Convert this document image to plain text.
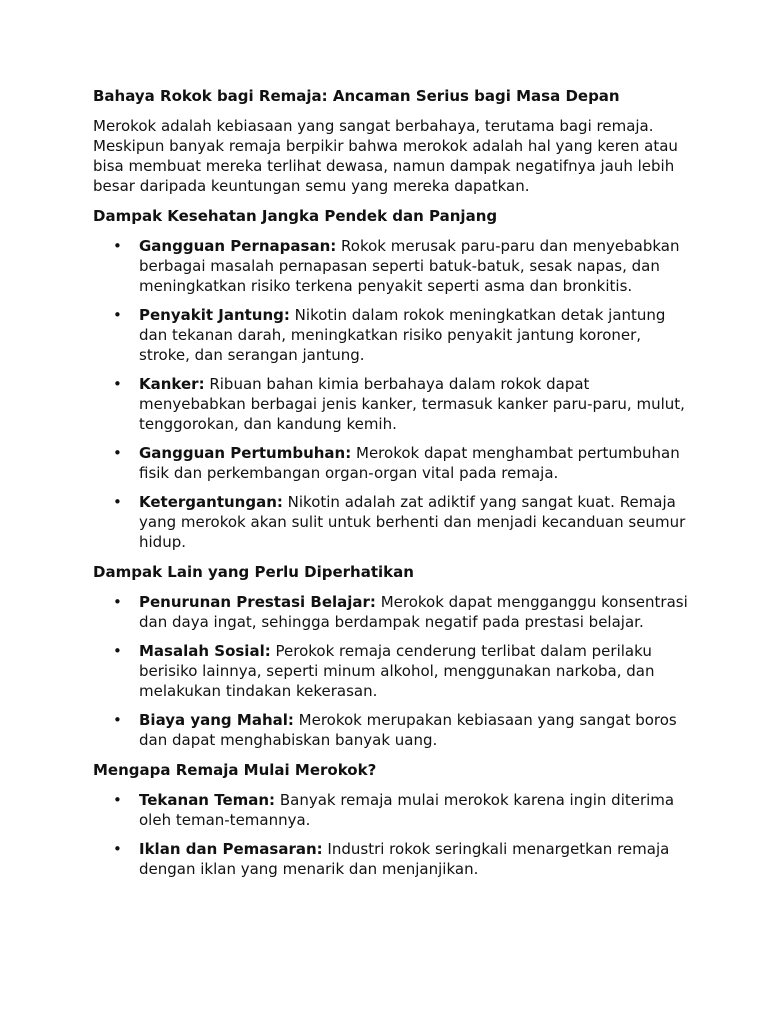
Bahaya Rokok bagi Remaja: Ancaman Serius bagi Masa Depan
Merokok adalah kebiasaan yang sangat berbahaya, terutama bagi remaja. Meskipun banyak remaja berpikir bahwa merokok adalah hal yang keren atau bisa membuat mereka terlihat dewasa, namun dampak negatifnya jauh lebih besar daripada keuntungan semu yang mereka dapatkan.
Dampak Kesehatan Jangka Pendek dan Panjang
• Gangguan Pernapasan: Rokok merusak paru-paru dan menyebabkan berbagai masalah pernapasan seperti batuk-batuk, sesak napas, dan meningkatkan risiko terkena penyakit seperti asma dan bronkitis.
• Penyakit Jantung: Nikotin dalam rokok meningkatkan detak jantung dan tekanan darah, meningkatkan risiko penyakit jantung koroner, stroke, dan serangan jantung.
• Kanker: Ribuan bahan kimia berbahaya dalam rokok dapat menyebabkan berbagai jenis kanker, termasuk kanker paru-paru, mulut, tenggorokan, dan kandung kemih.
• Gangguan Pertumbuhan: Merokok dapat menghambat pertumbuhan fisik dan perkembangan organ-organ vital pada remaja.
• Ketergantungan: Nikotin adalah zat adiktif yang sangat kuat. Remaja yang merokok akan sulit untuk berhenti dan menjadi kecanduan seumur hidup.
Dampak Lain yang Perlu Diperhatikan
• Penurunan Prestasi Belajar: Merokok dapat mengganggu konsentrasi dan daya ingat, sehingga berdampak negatif pada prestasi belajar.
• Masalah Sosial: Perokok remaja cenderung terlibat dalam perilaku berisiko lainnya, seperti minum alkohol, menggunakan narkoba, dan melakukan tindakan kekerasan.
• Biaya yang Mahal: Merokok merupakan kebiasaan yang sangat boros dan dapat menghabiskan banyak uang.
Mengapa Remaja Mulai Merokok?
• Tekanan Teman: Banyak remaja mulai merokok karena ingin diterima oleh teman-temannya.
• Iklan dan Pemasaran: Industri rokok seringkali menargetkan remaja dengan iklan yang menarik dan menjanjikan.
